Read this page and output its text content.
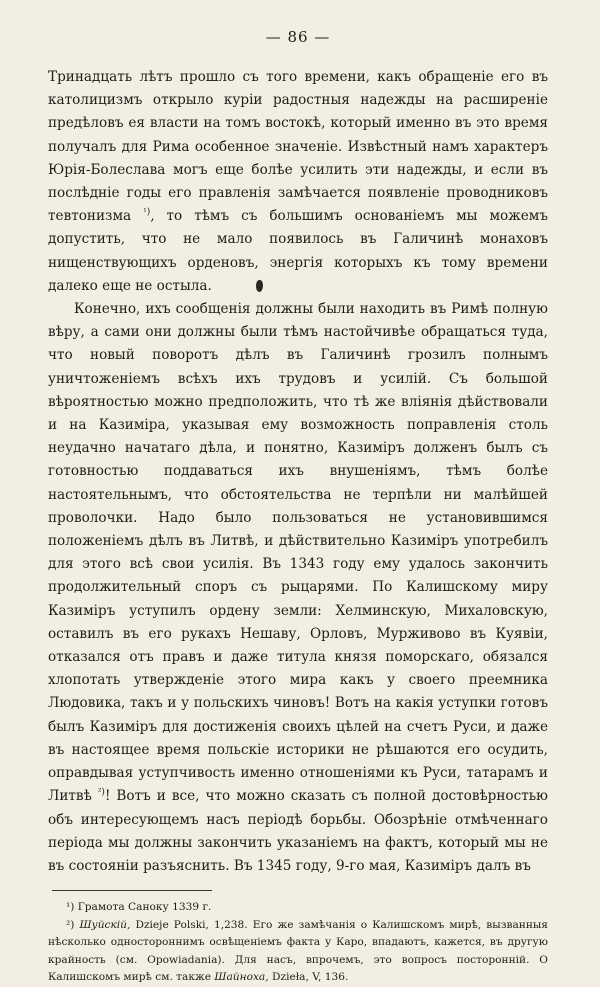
— 86 —

Тринадцать лѣтъ прошло съ того времени, какъ обращеніе его въ католицизмъ открыло куріи радостныя надежды на расширеніе предѣловъ ея власти на томъ востокѣ, который именно въ это время получалъ для Рима особенное значеніе. Извѣстный намъ характеръ Юрія-Болеслава могъ еще болѣе усилить эти надежды, и если въ послѣдніе годы его правленія замѣчается появленіе проводниковъ тевтонизма $^{^1)}$, то тѣмъ съ большимъ основаніемъ мы можемъ допустить, что не мало появилось въ Галичинѣ монаховъ нищенствующихъ орденовъ, энергія которыхъ къ тому времени далеко еще не остыла.

Конечно, ихъ сообщенія должны были находить въ Римѣ полную вѣру, а сами они должны были тѣмъ настойчивѣе обращаться туда, что новый поворотъ дѣлъ въ Галичинѣ грозилъ полнымъ уничтоженіемъ всѣхъ ихъ трудовъ и усилій. Съ большой вѣроятностью можно предположить, что тѣ же вліянія дѣйствовали и на Казиміра, указывая ему возможность поправленія столь неудачно начатаго дѣла, и понятно, Казиміръ долженъ былъ съ готовностью поддаваться ихъ внушеніямъ, тѣмъ болѣе настоятельнымъ, что обстоятельства не терпѣли ни малѣйшей проволочки. Надо было пользоваться не установившимся положеніемъ дѣлъ въ Литвѣ, и дѣйствительно Казиміръ употребилъ для этого всѣ свои усилія. Въ 1343 году ему удалось закончить продолжительный споръ съ рыцарями. По Калишскому миру Казиміръ уступилъ ордену земли: Хелминскую, Михаловскую, оставилъ въ его рукахъ Нешаву, Орловъ, Мурживово въ Куявіи, отказался отъ правъ и даже титула князя поморскаго, обязался хлопотать утвержденіе этого мира какъ у своего преемника Людовика, такъ и у польскихъ чиновъ! Вотъ на какія уступки готовъ былъ Казиміръ для достиженія своихъ цѣлей на счетъ Руси, и даже въ настоящее время польскіе историки не рѣшаются его осудить, оправдывая уступчивость именно отношеніями къ Руси, татарамъ и Литвѣ $^{^2)}$! Вотъ и все, что можно сказать съ полной достовѣрностью объ интересующемъ насъ періодѣ борьбы. Обозрѣніе отмѣченнаго періода мы должны закончить указаніемъ на фактъ, который мы не въ состояніи разъяснить. Въ 1345 году, 9-го мая, Казиміръ далъ въ

¹) Грамота Саноку 1339 г.

²) Шуйскій, Dzieje Polski, 1,238. Его же замѣчанія о Калишскомъ мирѣ, вызванныя нѣсколько одностороннимъ освѣщеніемъ факта у Каро, впадаютъ, кажется, въ другую крайность (см. Opowiadania). Для насъ, впрочемъ, это вопросъ посторонній. О Калишскомъ мирѣ см. также Шайноха, Dzieła, V, 136.
